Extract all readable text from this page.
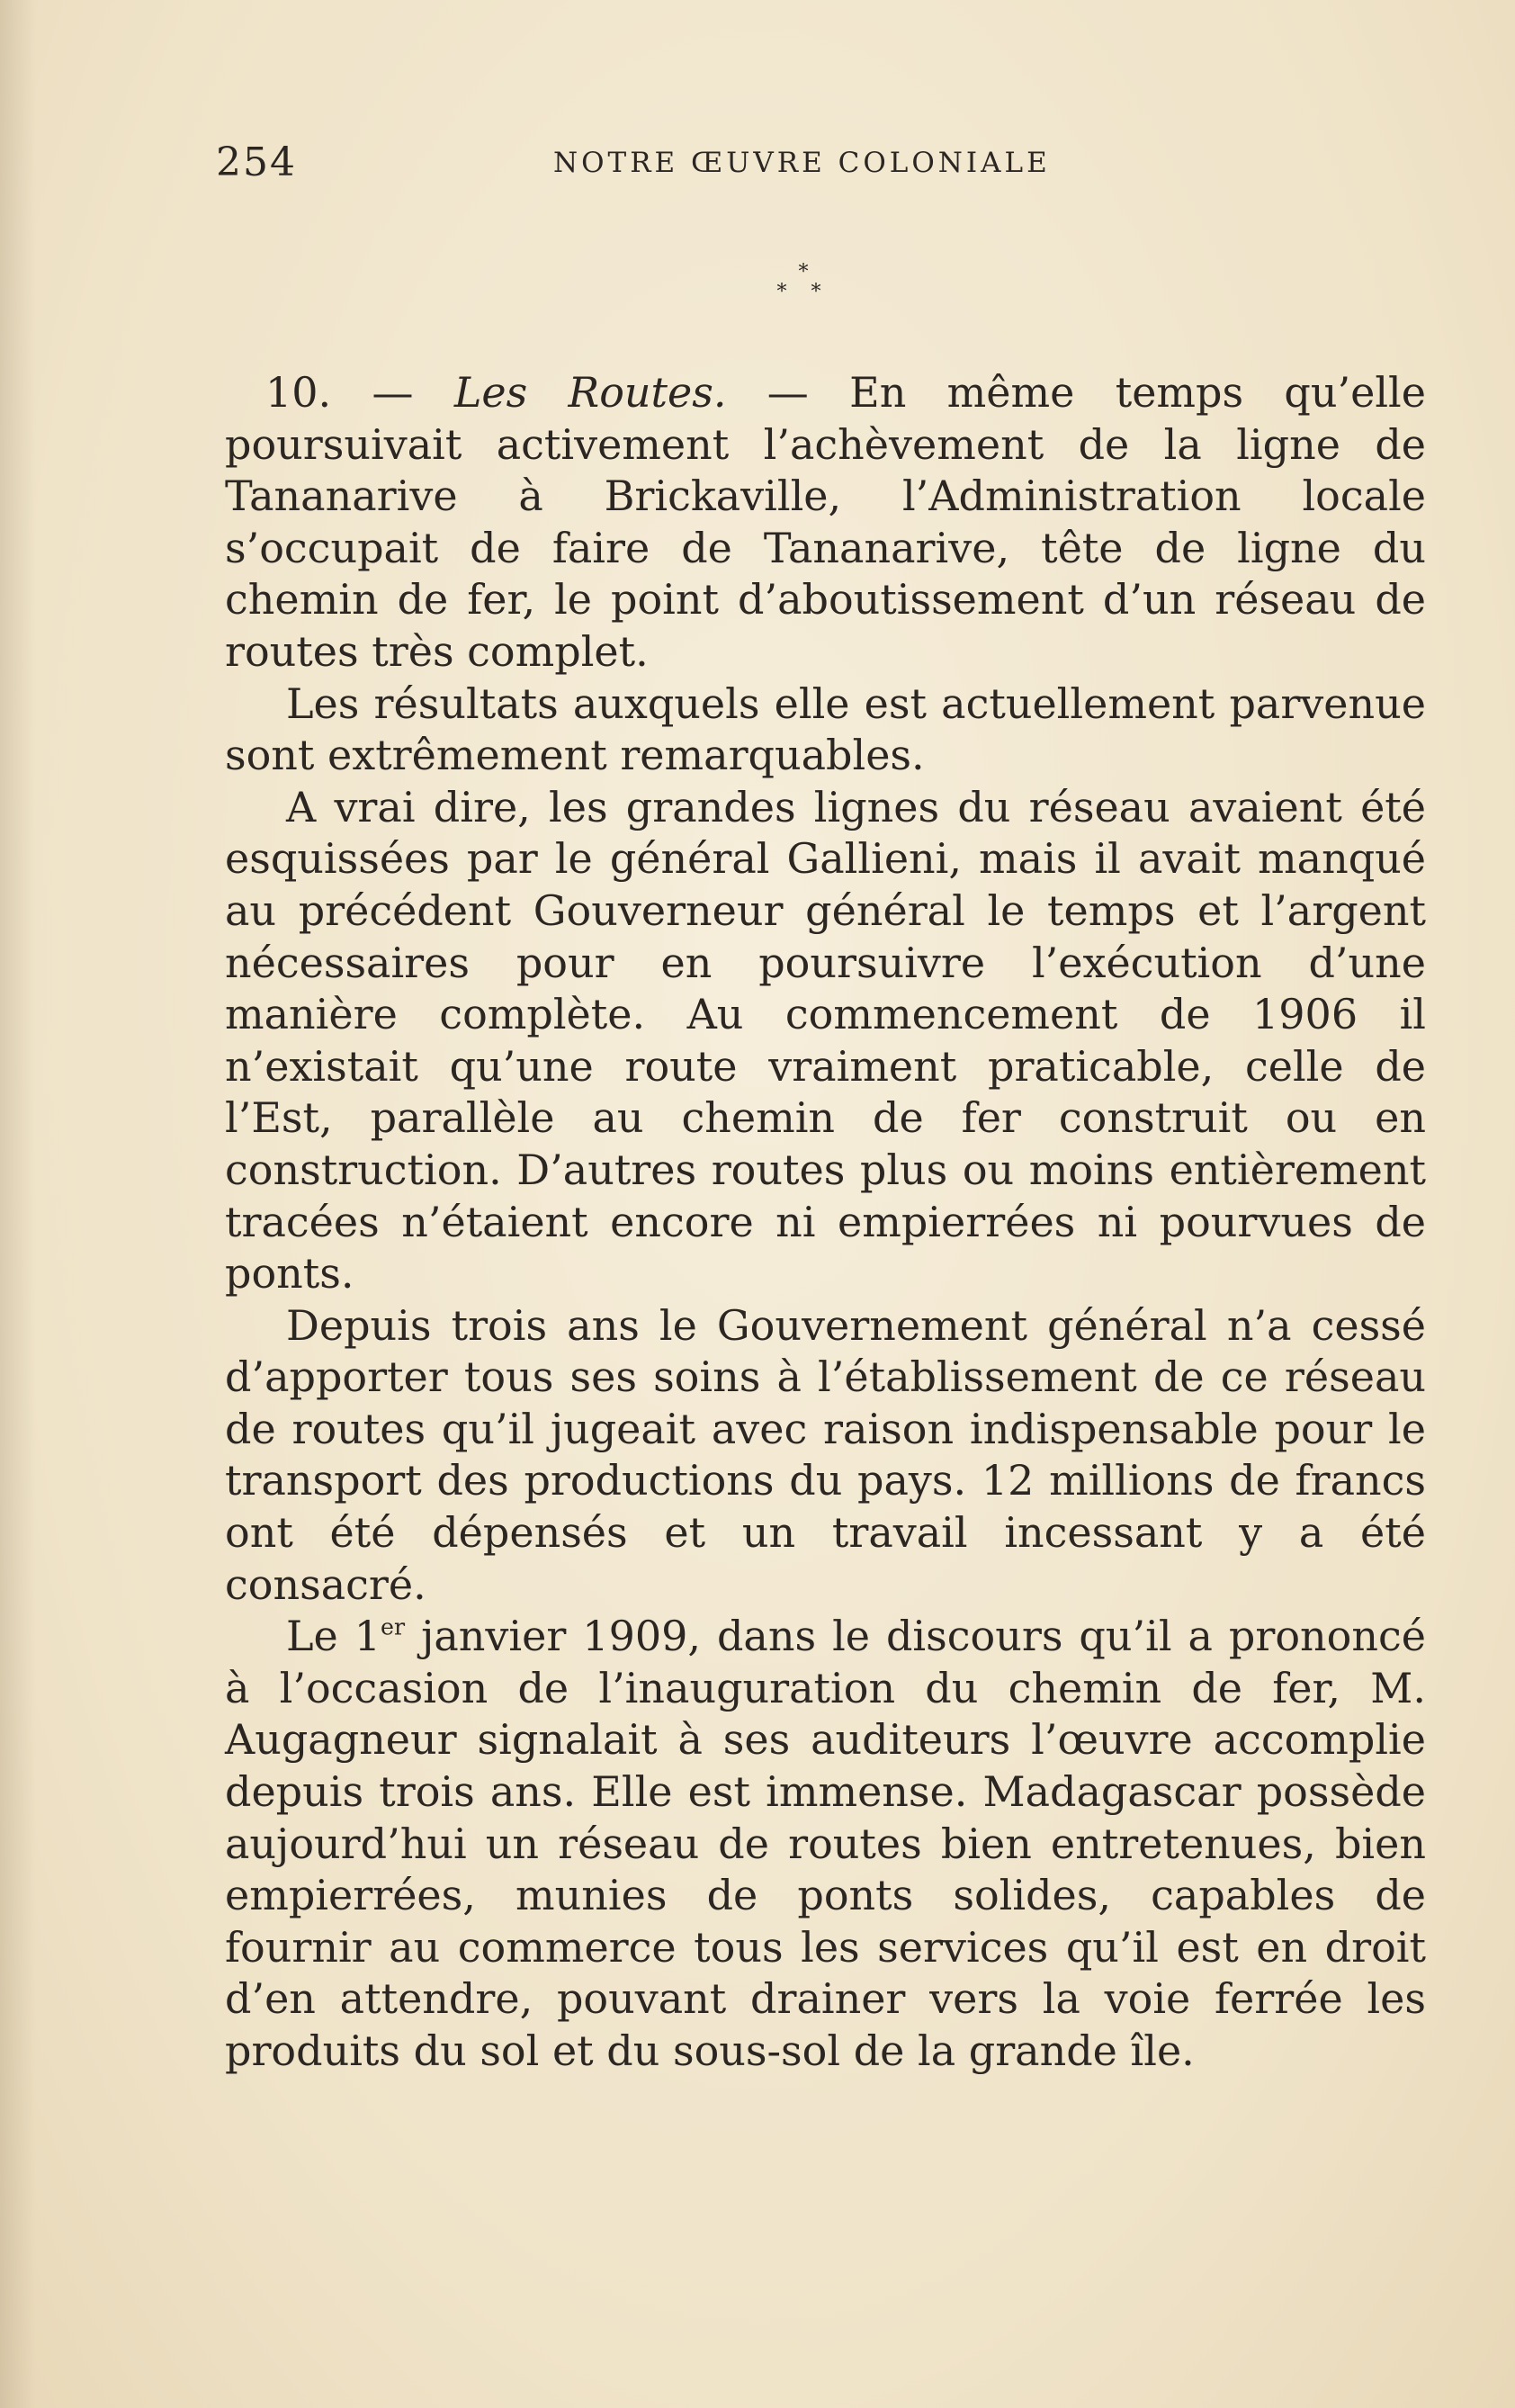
254	NOTRE ŒUVRE COLONIALE
*
* *

10. — Les Routes. — En même temps qu’elle poursuivait activement l’achèvement de la ligne de Tananarive à Brickaville, l’Administration locale s’occupait de faire de Tananarive, tête de ligne du chemin de fer, le point d’aboutissement d’un réseau de routes très complet.

Les résultats auxquels elle est actuellement parvenue sont extrêmement remarquables.

A vrai dire, les grandes lignes du réseau avaient été esquissées par le général Gallieni, mais il avait manqué au précédent Gouverneur général le temps et l’argent nécessaires pour en poursuivre l’exécution d’une manière complète. Au commencement de 1906 il n’existait qu’une route vraiment praticable, celle de l’Est, parallèle au chemin de fer construit ou en construction. D’autres routes plus ou moins entièrement tracées n’étaient encore ni empierrées ni pourvues de ponts.

Depuis trois ans le Gouvernement général n’a cessé d’apporter tous ses soins à l’établissement de ce réseau de routes qu’il jugeait avec raison indispensable pour le transport des productions du pays. 12 millions de francs ont été dépensés et un travail incessant y a été consacré.

Le 1er janvier 1909, dans le discours qu’il a prononcé à l’occasion de l’inauguration du chemin de fer, M. Augagneur signalait à ses auditeurs l’œuvre accomplie depuis trois ans. Elle est immense. Madagascar possède aujourd’hui un réseau de routes bien entretenues, bien empierrées, munies de ponts solides, capables de fournir au commerce tous les services qu’il est en droit d’en attendre, pouvant drainer vers la voie ferrée les produits du sol et du sous-sol de la grande île.
